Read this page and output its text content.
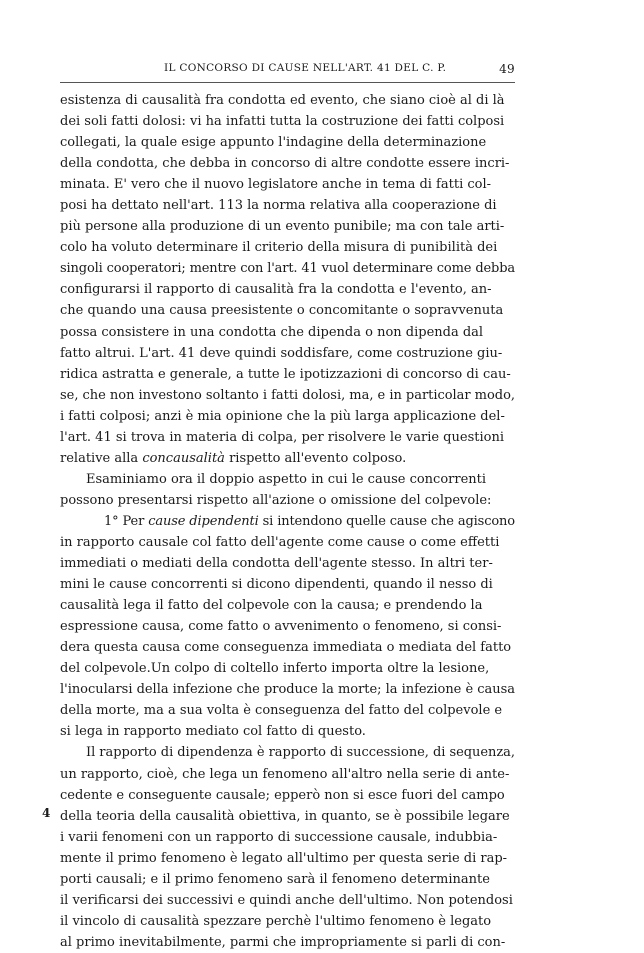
IL CONCORSO DI CAUSE NELL'ART. 41 DEL C. P.	49
esistenza di causalità fra condotta ed evento, che siano cioè al di là
dei soli fatti dolosi: vi ha infatti tutta la costruzione dei fatti colposi
collegati, la quale esige appunto l'indagine della determinazione
della condotta, che debba in concorso di altre condotte essere incri-
minata. E' vero che il nuovo legislatore anche in tema di fatti col-
posi ha dettato nell'art. 113 la norma relativa alla cooperazione di
più persone alla produzione di un evento punibile; ma con tale arti-
colo ha voluto determinare il criterio della misura di punibilità dei
singoli cooperatori; mentre con l'art. 41 vuol determinare come debba
configurarsi il rapporto di causalità fra la condotta e l'evento, an-
che quando una causa preesistente o concomitante o sopravvenuta
possa consistere in una condotta che dipenda o non dipenda dal
fatto altrui. L'art. 41 deve quindi soddisfare, come costruzione giu-
ridica astratta e generale, a tutte le ipotizzazioni di concorso di cau-
se, che non investono soltanto i fatti dolosi, ma, e in particolar modo,
i fatti colposi; anzi è mia opinione che la più larga applicazione del-
l'art. 41 si trova in materia di colpa, per risolvere le varie questioni
relative alla concausalità rispetto all'evento colposo.
Esaminiamo ora il doppio aspetto in cui le cause concorrenti
possono presentarsi rispetto all'azione o omissione del colpevole:
1° Per cause dipendenti si intendono quelle cause che agiscono
in rapporto causale col fatto dell'agente come cause o come effetti
immediati o mediati della condotta dell'agente stesso. In altri ter-
mini le cause concorrenti si dicono dipendenti, quando il nesso di
causalità lega il fatto del colpevole con la causa; e prendendo la
espressione causa, come fatto o avvenimento o fenomeno, si consi-
dera questa causa come conseguenza immediata o mediata del fatto
del colpevole.Un colpo di coltello inferto importa oltre la lesione,
l'inocularsi della infezione che produce la morte; la infezione è causa
della morte, ma a sua volta è conseguenza del fatto del colpevole e
si lega in rapporto mediato col fatto di questo.
Il rapporto di dipendenza è rapporto di successione, di sequenza,
un rapporto, cioè, che lega un fenomeno all'altro nella serie di ante-
cedente e conseguente causale; epperò non si esce fuori del campo
della teoria della causalità obiettiva, in quanto, se è possibile legare
i varii fenomeni con un rapporto di successione causale, indubbia-
mente il primo fenomeno è legato all'ultimo per questa serie di rap-
porti causali; e il primo fenomeno sarà il fenomeno determinante
il verificarsi dei successivi e quindi anche dell'ultimo. Non potendosi
il vincolo di causalità spezzare perchè l'ultimo fenomeno è legato
al primo inevitabilmente, parmi che impropriamente si parli di con-
4
